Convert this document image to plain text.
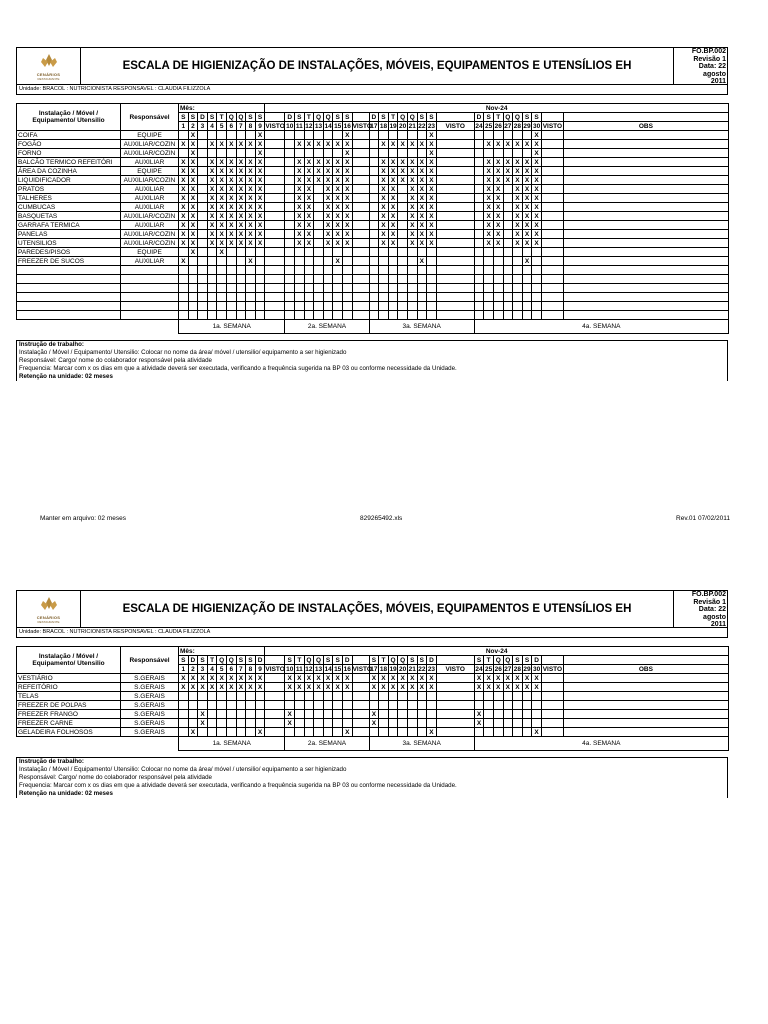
CENÁRIOS
RESTAURANTE
ESCALA DE HIGIENIZAÇÃO DE INSTALAÇÕES, MÓVEIS, EQUIPAMENTOS E UTENSÍLIOS EH
FO.BP.002
Revisão 1
Data: 22 agosto
2011
Unidade: BRACOL : NUTRICIONISTA RESPONSAVEL : CLAUDIA FILIZZOLA
Instalação / Móvel / Equipamento/ Utensilio	Responsável	Mês:									Nov-24																									
		S	S	D	S	T	Q	Q	S	S		D	S	T	Q	Q	S	S		D	S	T	Q	Q	S	S		D	S	T	Q	Q	S	S		
		1	2	3	4	5	6	7	8	9	VISTO	10	11	12	13	14	15	16	VISTO	17	18	19	20	21	22	23	VISTO	24	25	26	27	28	29	30	VISTO	OBS
COIFA	EQUIPE		X							X								X								X								X		
FOGÃO	AUXILIAR/COZIN	X	X		X	X	X	X	X	X			X	X	X	X	X	X			X	X	X	X	X	X			X	X	X	X	X	X		
FORNO	AUXILIAR/COZIN		X							X								X								X								X		
BALCÃO TERMICO REFEITÓRI	AUXILIAR	X	X		X	X	X	X	X	X			X	X	X	X	X	X			X	X	X	X	X	X			X	X	X	X	X	X		
ÁREA DA COZINHA	EQUIPE	X	X		X	X	X	X	X	X			X	X	X	X	X	X			X	X	X	X	X	X			X	X	X	X	X	X		
LIQUIDIFICADOR	AUXILIAR/COZIN	X	X		X	X	X	X	X	X			X	X	X	X	X	X			X	X	X	X	X	X			X	X	X	X	X	X		
PRATOS	AUXILIAR	X	X		X	X	X	X	X	X			X	X		X	X	X			X	X		X	X	X			X	X		X	X	X		
TALHERES	AUXILIAR	X	X		X	X	X	X	X	X			X	X		X	X	X			X	X		X	X	X			X	X		X	X	X		
CUMBUCAS	AUXILIAR	X	X		X	X	X	X	X	X			X	X		X	X	X			X	X		X	X	X			X	X		X	X	X		
BASQUETAS	AUXILIAR/COZIN	X	X		X	X	X	X	X	X			X	X		X	X	X			X	X		X	X	X			X	X		X	X	X		
GARRAFA TERMICA	AUXILIAR	X	X		X	X	X	X	X	X			X	X		X	X	X			X	X		X	X	X			X	X		X	X	X		
PANELAS	AUXILIAR/COZIN	X	X		X	X	X	X	X	X			X	X		X	X	X			X	X		X	X	X			X	X		X	X	X		
UTENSILIOS	AUXILIAR/COZIN	X	X		X	X	X	X	X	X			X	X		X	X	X			X	X		X	X	X			X	X		X	X	X		
PAREDES/PISOS	EQUIPE		X			X																														
FREEZER DE SUCOS	AUXILIAR	X							X								X								X								X			

		1a. SEMANA										2a. SEMANA								3a. SEMANA								4a. SEMANA								
Instrução de trabalho:
Instalação / Móvel / Equipamento/ Utensilio: Colocar no nome da área/ móvel / utensilio/ equipamento a ser higienizado
Responsável: Cargo/ nome do colaborador responsável pela atividade
Frequencia: Marcar com x os dias em que a atividade deverá ser executada, verificando a frequência sugerida na BP 03 ou conforme necessidade da Unidade.
Retenção na unidade: 02 meses
Manter em arquivo: 02 meses	829265492.xls	Rev.01 07/02/2011
CENÁRIOS
RESTAURANTE
ESCALA DE HIGIENIZAÇÃO DE INSTALAÇÕES, MÓVEIS, EQUIPAMENTOS E UTENSÍLIOS EH
FO.BP.002
Revisão 1
Data: 22 agosto
2011
Unidade: BRACOL : NUTRICIONISTA RESPONSAVEL : CLAUDIA FILIZZOLA
Instalação / Móvel / Equipamento/ Utensilio	Responsável	Mês:									Nov-24																									
		S	D	S	T	Q	Q	S	S	D		S	T	Q	Q	S	S	D		S	T	Q	Q	S	S	D		S	T	Q	Q	S	S	D		
		1	2	3	4	5	6	7	8	9	VISTO	10	11	12	13	14	15	16	VISTO	17	18	19	20	21	22	23	VISTO	24	25	26	27	28	29	30	VISTO	OBS
VESTIÁRIO	S.GERAIS	X	X	X	X	X	X	X	X	X		X	X	X	X	X	X	X		X	X	X	X	X	X	X		X	X	X	X	X	X	X		
REFEITÓRIO	S.GERAIS	X	X	X	X	X	X	X	X	X		X	X	X	X	X	X	X		X	X	X	X	X	X	X		X	X	X	X	X	X	X		
TELAS	S.GERAIS																																			
FREEZER DE POLPAS	S.GERAIS																																			
FREEZER FRANGO	S.GERAIS			X								X								X								X								
FREEZER CARNE	S.GERAIS			X								X								X								X								
GELADEIRA FOLHOSOS	S.GERAIS		X							X								X								X								X		
		1a. SEMANA										2a. SEMANA								3a. SEMANA								4a. SEMANA								
Instrução de trabalho:
Instalação / Móvel / Equipamento/ Utensilio: Colocar no nome da área/ móvel / utensilio/ equipamento a ser higienizado
Responsável: Cargo/ nome do colaborador responsável pela atividade
Frequencia: Marcar com x os dias em que a atividade deverá ser executada, verificando a frequência sugerida na BP 03 ou conforme necessidade da Unidade.
Retenção na unidade: 02 meses
